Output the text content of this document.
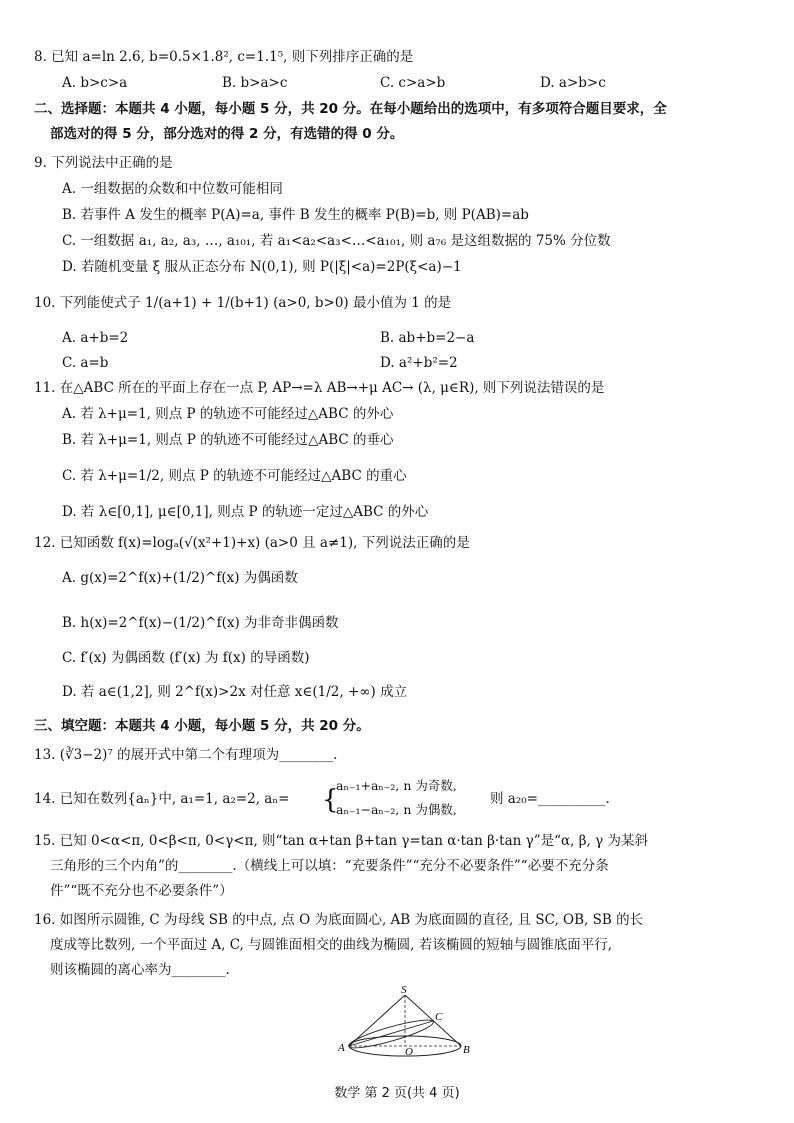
8. 已知 a=ln 2.6, b=0.5×1.8², c=1.1⁵, 则下列排序正确的是
A. b>c>a	B. b>a>c	C. c>a>b	D. a>b>c
二、选择题：本题共 4 小题，每小题 5 分，共 20 分。在每小题给出的选项中，有多项符合题目要求，全
部选对的得 5 分，部分选对的得 2 分，有选错的得 0 分。
9. 下列说法中正确的是
A. 一组数据的众数和中位数可能相同
B. 若事件 A 发生的概率 P(A)=a, 事件 B 发生的概率 P(B)=b, 则 P(AB)=ab
C. 一组数据 a₁, a₂, a₃, …, a₁₀₁, 若 a₁<a₂<a₃<…<a₁₀₁, 则 a₇₆ 是这组数据的 75% 分位数
D. 若随机变量 ξ 服从正态分布 N(0,1), 则 P(|ξ|<a)=2P(ξ<a)−1
10. 下列能使式子 1/(a+1) + 1/(b+1) (a>0, b>0) 最小值为 1 的是
A. a+b=2	B. ab+b=2−a
C. a=b	D. a²+b²=2
11. 在△ABC 所在的平面上存在一点 P, AP→=λ AB→+μ AC→ (λ, μ∈R), 则下列说法错误的是
A. 若 λ+μ=1, 则点 P 的轨迹不可能经过△ABC 的外心
B. 若 λ+μ=1, 则点 P 的轨迹不可能经过△ABC 的垂心
C. 若 λ+μ=1/2, 则点 P 的轨迹不可能经过△ABC 的重心
D. 若 λ∈[0,1], μ∈[0,1], 则点 P 的轨迹一定过△ABC 的外心
12. 已知函数 f(x)=logₐ(√(x²+1)+x) (a>0 且 a≠1), 下列说法正确的是
A. g(x)=2^f(x)+(1/2)^f(x) 为偶函数
B. h(x)=2^f(x)−(1/2)^f(x) 为非奇非偶函数
C. f′(x) 为偶函数 (f′(x) 为 f(x) 的导函数)
D. 若 a∈(1,2], 则 2^f(x)>2x 对任意 x∈(1/2, +∞) 成立
三、填空题：本题共 4 小题，每小题 5 分，共 20 分。
13. (∛3−2)⁷ 的展开式中第二个有理项为________.
14. 已知在数列{aₙ}中, a₁=1, a₂=2, aₙ= {
aₙ₋₁+aₙ₋₂, n 为奇数,
aₙ₋₁−aₙ₋₂, n 为偶数,
则 a₂₀=__________.
15. 已知 0<α<π, 0<β<π, 0<γ<π, 则“tan α+tan β+tan γ=tan α·tan β·tan γ”是“α, β, γ 为某斜
三角形的三个内角”的________.（横线上可以填：“充要条件”“充分不必要条件”“必要不充分条
件”“既不充分也不必要条件”）
16. 如图所示圆锥, C 为母线 SB 的中点, 点 O 为底面圆心, AB 为底面圆的直径, 且 SC, OB, SB 的长
度成等比数列, 一个平面过 A, C, 与圆锥面相交的曲线为椭圆, 若该椭圆的短轴与圆锥底面平行,
则该椭圆的离心率为________.
S
C
A	O	B
数学 第 2 页(共 4 页)
